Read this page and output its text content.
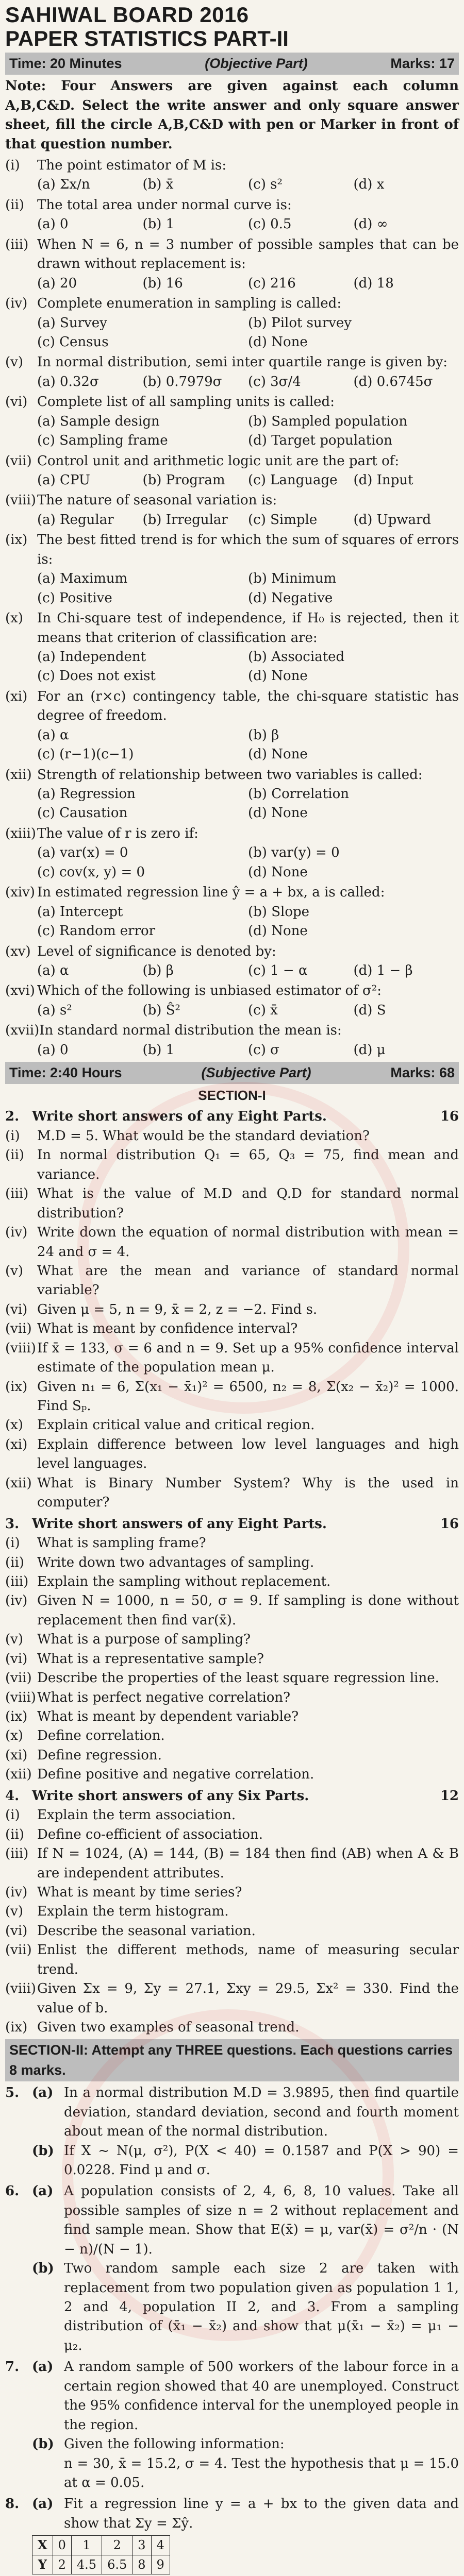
SAHIWAL BOARD 2016
PAPER STATISTICS PART-II
Time: 20 Minutes	(Objective Part)	Marks: 17
Note: Four Answers are given against each column A,B,C&D. Select the write answer and only square answer sheet, fill the circle A,B,C&D with pen or Marker in front of that question number.
(i)	The point estimator of M is:
(a) Σx/n	(b) x̄	(c) s²	(d) x
(ii) The total area under normal curve is:
(a) 0	(b) 1	(c) 0.5	(d) ∞
(iii) When N = 6, n = 3 number of possible samples that can be drawn without replacement is:
(a) 20	(b) 16	(c) 216	(d) 18
(iv) Complete enumeration in sampling is called:
(a) Survey	(b) Pilot survey
(c) Census	(d) None
(v)	In normal distribution, semi inter quartile range is given by:
(a) 0.32σ	(b) 0.7979σ	(c) 3σ/4	(d) 0.6745σ
(vi) Complete list of all sampling units is called:
(a) Sample design	(b) Sampled population
(c) Sampling frame	(d) Target population
(vii) Control unit and arithmetic logic unit are the part of:
(a) CPU	(b) Program	(c) Language	(d) Input
(viii) The nature of seasonal variation is:
(a) Regular	(b) Irregular	(c) Simple	(d) Upward
(ix) The best fitted trend is for which the sum of squares of errors is:
(a) Maximum	(b) Minimum
(c) Positive	(d) Negative
(x)	In Chi-square test of independence, if H₀ is rejected, then it means that criterion of classification are:
(a) Independent	(b) Associated
(c) Does not exist	(d) None
(xi) For an (r×c) contingency table, the chi-square statistic has degree of freedom.
(a) α	(b) β
(c) (r−1)(c−1)	(d) None
(xii) Strength of relationship between two variables is called:
(a) Regression	(b) Correlation
(c) Causation	(d) None
(xiii) The value of r is zero if:
(a) var(x) = 0	(b) var(y) = 0
(c) cov(x, y) = 0	(d) None
(xiv) In estimated regression line ŷ = a + bx, a is called:
(a) Intercept	(b) Slope
(c) Random error	(d) None
(xv) Level of significance is denoted by:
(a) α	(b) β	(c) 1 − α	(d) 1 − β
(xvi) Which of the following is unbiased estimator of σ²:
(a) s²	(b) Ŝ²	(c) x̄	(d) S
(xvii) In standard normal distribution the mean is:
(a) 0	(b) 1	(c) σ	(d) μ
Time: 2:40 Hours	(Subjective Part)	Marks: 68
SECTION-I
2. Write short answers of any Eight Parts.	16
(i)	M.D = 5. What would be the standard deviation?
(ii) In normal distribution Q₁ = 65, Q₃ = 75, find mean and variance.
(iii) What is the value of M.D and Q.D for standard normal distribution?
(iv) Write down the equation of normal distribution with mean = 24 and σ = 4.
(v)	What are the mean and variance of standard normal variable?
(vi) Given μ = 5, n = 9, x̄ = 2, z = −2. Find s.
(vii) What is meant by confidence interval?
(viii) If x̄ = 133, σ = 6 and n = 9. Set up a 95% confidence interval estimate of the population mean μ.
(ix) Given n₁ = 6, Σ(x₁ − x̄₁)² = 6500, n₂ = 8, Σ(x₂ − x̄₂)² = 1000. Find Sₚ.
(x)	Explain critical value and critical region.
(xi) Explain difference between low level languages and high level languages.
(xii) What is Binary Number System? Why is the used in computer?
3. Write short answers of any Eight Parts.	16
(i)	What is sampling frame?
(ii) Write down two advantages of sampling.
(iii) Explain the sampling without replacement.
(iv) Given N = 1000, n = 50, σ = 9. If sampling is done without replacement then find var(x̄).
(v)	What is a purpose of sampling?
(vi) What is a representative sample?
(vii) Describe the properties of the least square regression line.
(viii) What is perfect negative correlation?
(ix) What is meant by dependent variable?
(x)	Define correlation.
(xi) Define regression.
(xii) Define positive and negative correlation.
4. Write short answers of any Six Parts.	12
(i)	Explain the term association.
(ii) Define co-efficient of association.
(iii) If N = 1024, (A) = 144, (B) = 184 then find (AB) when A & B are independent attributes.
(iv) What is meant by time series?
(v)	Explain the term histogram.
(vi) Describe the seasonal variation.
(vii) Enlist the different methods, name of measuring secular trend.
(viii) Given Σx = 9, Σy = 27.1, Σxy = 29.5, Σx² = 330. Find the value of b.
(ix) Given two examples of seasonal trend.
SECTION-II: Attempt any THREE questions. Each questions carries 8 marks.
5. (a) In a normal distribution M.D = 3.9895, then find quartile deviation, standard deviation, second and fourth moment about mean of the normal distribution.
(b) If X ~ N(μ, σ²), P(X < 40) = 0.1587 and P(X > 90) = 0.0228. Find μ and σ.
6. (a) A population consists of 2, 4, 6, 8, 10 values. Take all possible samples of size n = 2 without replacement and find sample mean. Show that E(x̄) = μ, var(x̄) = σ²/n · (N − n)/(N − 1).
(b) Two random sample each size 2 are taken with replacement from two population given as population 1 1, 2 and 4, population II 2, and 3. From a sampling distribution of (x̄₁ − x̄₂) and show that μ(x̄₁ − x̄₂) = μ₁ − μ₂.
7. (a) A random sample of 500 workers of the labour force in a certain region showed that 40 are unemployed. Construct the 95% confidence interval for the unemployed people in the region.
(b) Given the following information:
n = 30, x̄ = 15.2, σ = 4. Test the hypothesis that μ = 15.0 at α = 0.05.
8. (a) Fit a regression line y = a + bx to the given data and show that Σy = Σŷ.
X	0	1	2	3	4
Y	2	4.5	6.5	8	9
